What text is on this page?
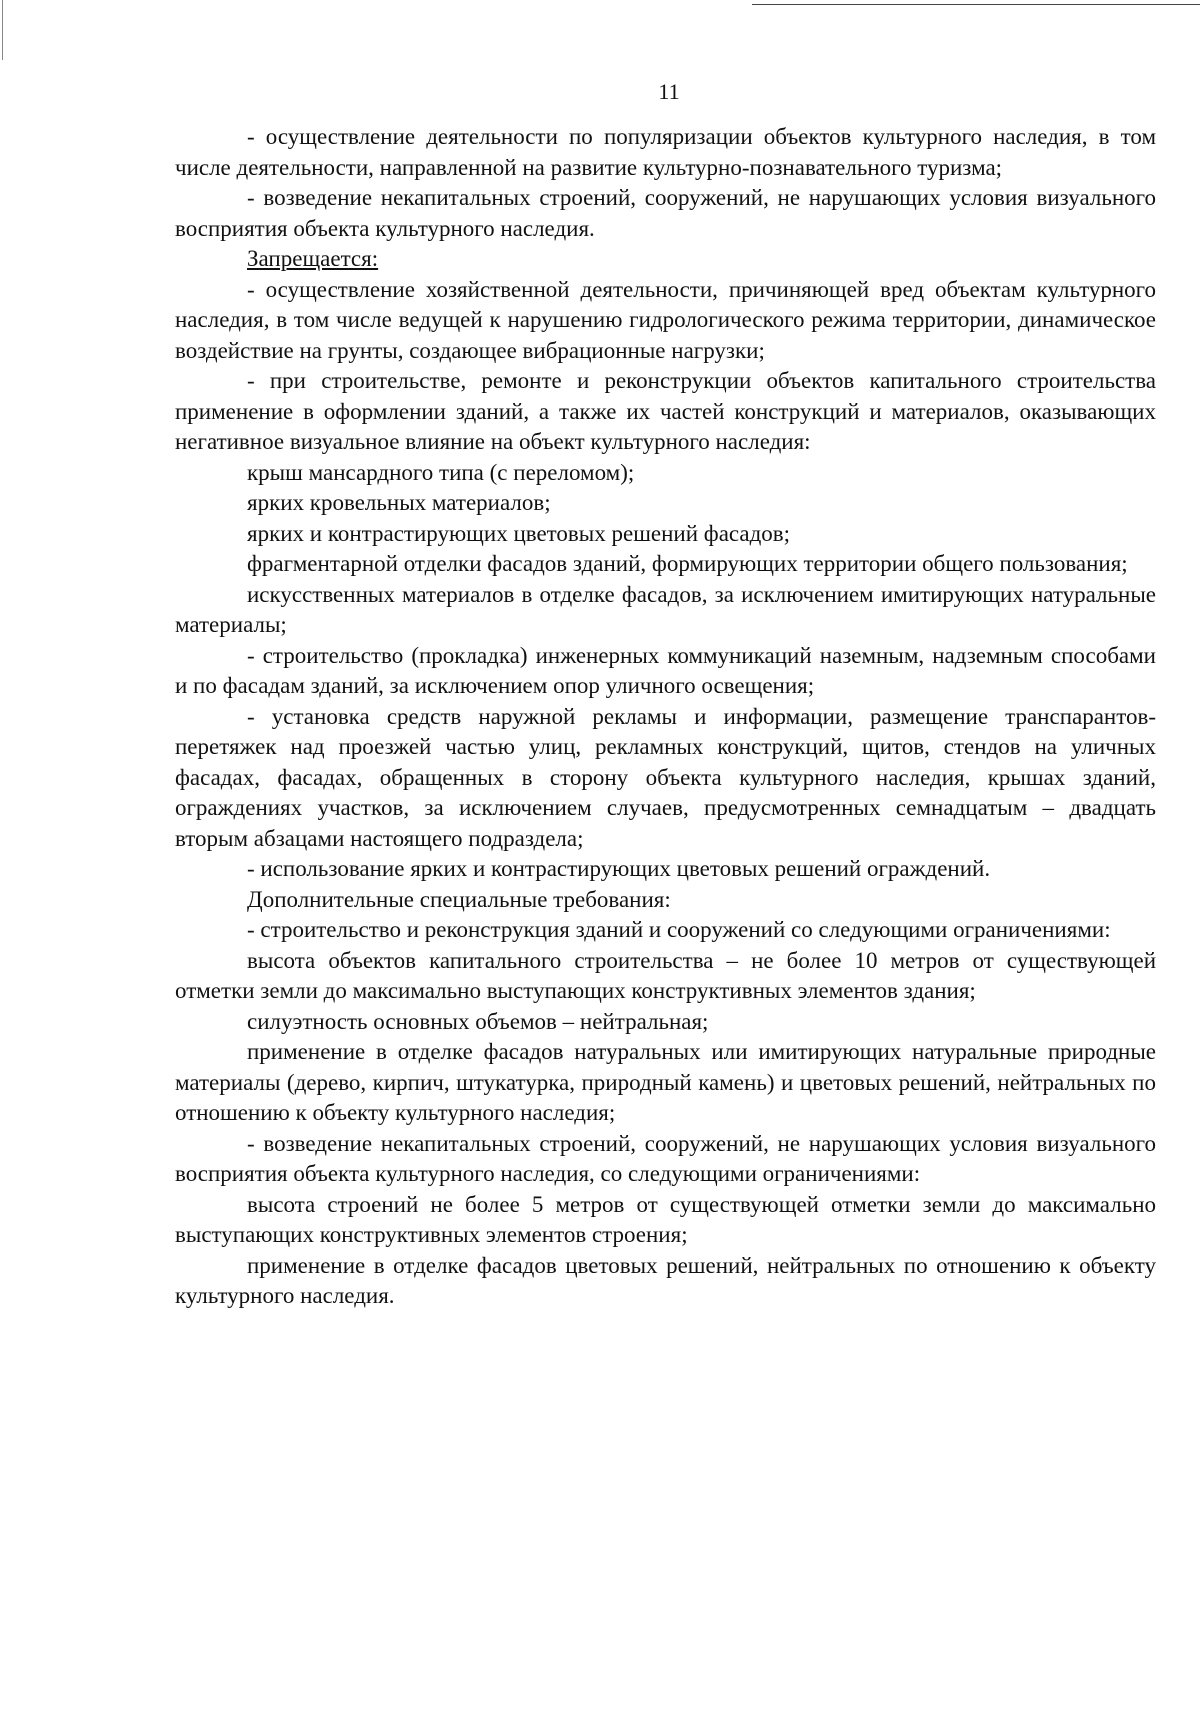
11

- осуществление деятельности по популяризации объектов культурного наследия, в том числе деятельности, направленной на развитие культурно-познавательного туризма;

- возведение некапитальных строений, сооружений, не нарушающих условия визуального восприятия объекта культурного наследия.

Запрещается:

- осуществление хозяйственной деятельности, причиняющей вред объектам культурного наследия, в том числе ведущей к нарушению гидрологического режима территории, динамическое воздействие на грунты, создающее вибрационные нагрузки;

- при строительстве, ремонте и реконструкции объектов капитального строительства применение в оформлении зданий, а также их частей конструкций и материалов, оказывающих негативное визуальное влияние на объект культурного наследия:

крыш мансардного типа (с переломом);

ярких кровельных материалов;

ярких и контрастирующих цветовых решений фасадов;

фрагментарной отделки фасадов зданий, формирующих территории общего пользования;

искусственных материалов в отделке фасадов, за исключением имитирующих натуральные материалы;

- строительство (прокладка) инженерных коммуникаций наземным, надземным способами и по фасадам зданий, за исключением опор уличного освещения;

- установка средств наружной рекламы и информации, размещение транспарантов-перетяжек над проезжей частью улиц, рекламных конструкций, щитов, стендов на уличных фасадах, фасадах, обращенных в сторону объекта культурного наследия, крышах зданий, ограждениях участков, за исключением случаев, предусмотренных семнадцатым – двадцать вторым абзацами настоящего подраздела;

- использование ярких и контрастирующих цветовых решений ограждений.

Дополнительные специальные требования:

- строительство и реконструкция зданий и сооружений со следующими ограничениями:

высота объектов капитального строительства – не более 10 метров от существующей отметки земли до максимально выступающих конструктивных элементов здания;

силуэтность основных объемов – нейтральная;

применение в отделке фасадов натуральных или имитирующих натуральные природные материалы (дерево, кирпич, штукатурка, природный камень) и цветовых решений, нейтральных по отношению к объекту культурного наследия;

- возведение некапитальных строений, сооружений, не нарушающих условия визуального восприятия объекта культурного наследия, со следующими ограничениями:

высота строений не более 5 метров от существующей отметки земли до максимально выступающих конструктивных элементов строения;

применение в отделке фасадов цветовых решений, нейтральных по отношению к объекту культурного наследия.
